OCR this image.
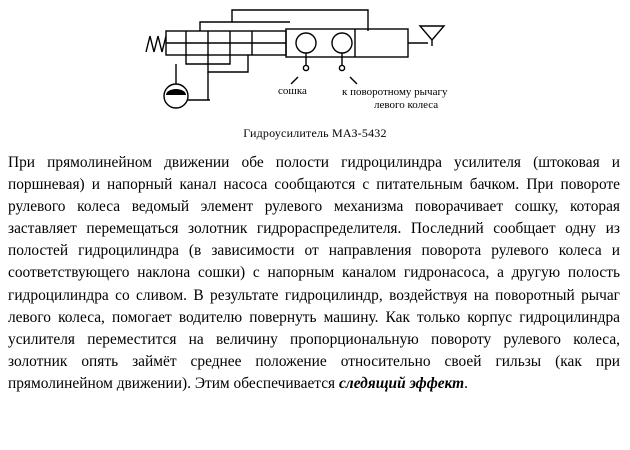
сошка	к поворотному рычагу
левого колеса
Гидроусилитель МАЗ-5432

При прямолинейном движении обе полости гидроцилиндра усилителя (штоковая и поршневая) и напорный канал насоса сообщаются с питательным бачком. При повороте рулевого колеса ведомый элемент рулевого механизма поворачивает сошку, которая заставляет перемещаться золотник гидрораспределителя. Последний сообщает одну из полостей гидроцилиндра (в зависимости от направления поворота рулевого колеса и соответствующего наклона сошки) с напорным каналом гидронасоса, а другую полость гидроцилиндра со сливом. В результате гидроцилиндр, воздействуя на поворотный рычаг левого колеса, помогает водителю повернуть машину. Как только корпус гидроцилиндра усилителя переместится на величину пропорциональную повороту рулевого колеса, золотник опять займёт среднее положение относительно своей гильзы (как при прямолинейном движении). Этим обеспечивается следящий эффект.
